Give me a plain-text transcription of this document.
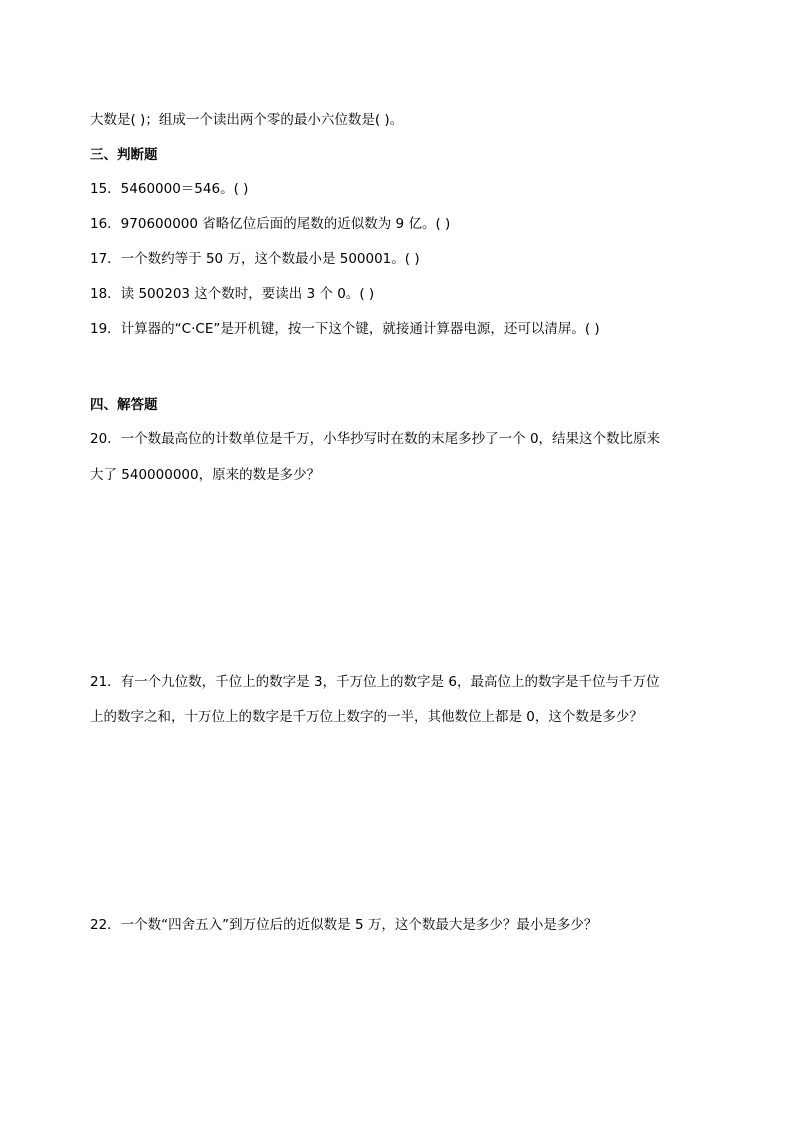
大数是( )；组成一个读出两个零的最小六位数是( )。
三、判断题
15．5460000＝546。( )
16．970600000 省略亿位后面的尾数的近似数为 9 亿。( )
17．一个数约等于 50 万，这个数最小是 500001。( )
18．读 500203 这个数时，要读出 3 个 0。( )
19．计算器的“C·CE”是开机键，按一下这个键，就接通计算器电源，还可以清屏。( )
四、解答题
20．一个数最高位的计数单位是千万，小华抄写时在数的末尾多抄了一个 0，结果这个数比原来
大了 540000000，原来的数是多少？
21．有一个九位数，千位上的数字是 3，千万位上的数字是 6，最高位上的数字是千位与千万位
上的数字之和，十万位上的数字是千万位上数字的一半，其他数位上都是 0，这个数是多少？
22．一个数“四舍五入”到万位后的近似数是 5 万，这个数最大是多少？最小是多少？
